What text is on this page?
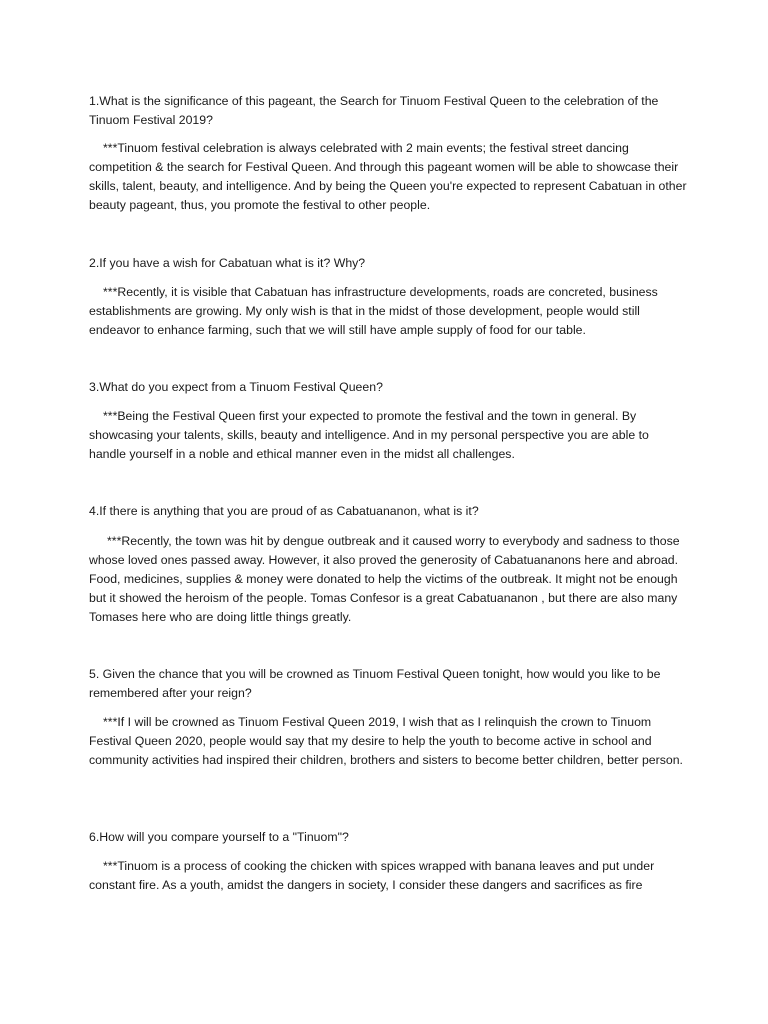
1.What is the significance of this pageant, the Search for Tinuom Festival Queen to the celebration of the Tinuom Festival 2019?

***Tinuom festival celebration is always celebrated with 2 main events; the festival street dancing competition & the search for Festival Queen. And through this pageant women will be able to showcase their skills, talent, beauty, and intelligence. And by being the Queen you're expected to represent Cabatuan in other beauty pageant, thus, you promote the festival to other people.

2.If you have a wish for Cabatuan what is it? Why?

***Recently, it is visible that Cabatuan has infrastructure developments, roads are concreted, business establishments are growing. My only wish is that in the midst of those development, people would still endeavor to enhance farming, such that we will still have ample supply of food for our table.

3.What do you expect from a Tinuom Festival Queen?

***Being the Festival Queen first your expected to promote the festival and the town in general. By showcasing your talents, skills, beauty and intelligence. And in my personal perspective you are able to handle yourself in a noble and ethical manner even in the midst all challenges.

4.If there is anything that you are proud of as Cabatuananon, what is it?

***Recently, the town was hit by dengue outbreak and it caused worry to everybody and sadness to those whose loved ones passed away. However, it also proved the generosity of Cabatuananons here and abroad. Food, medicines, supplies & money were donated to help the victims of the outbreak. It might not be enough but it showed the heroism of the people. Tomas Confesor is a great Cabatuananon , but there are also many Tomases here who are doing little things greatly.

5. Given the chance that you will be crowned as Tinuom Festival Queen tonight, how would you like to be remembered after your reign?

***If I will be crowned as Tinuom Festival Queen 2019, I wish that as I relinquish the crown to Tinuom Festival Queen 2020, people would say that my desire to help the youth to become active in school and community activities had inspired their children, brothers and sisters to become better children, better person.

6.How will you compare yourself to a "Tinuom"?

***Tinuom is a process of cooking the chicken with spices wrapped with banana leaves and put under constant fire. As a youth, amidst the dangers in society, I consider these dangers and sacrifices as fire
